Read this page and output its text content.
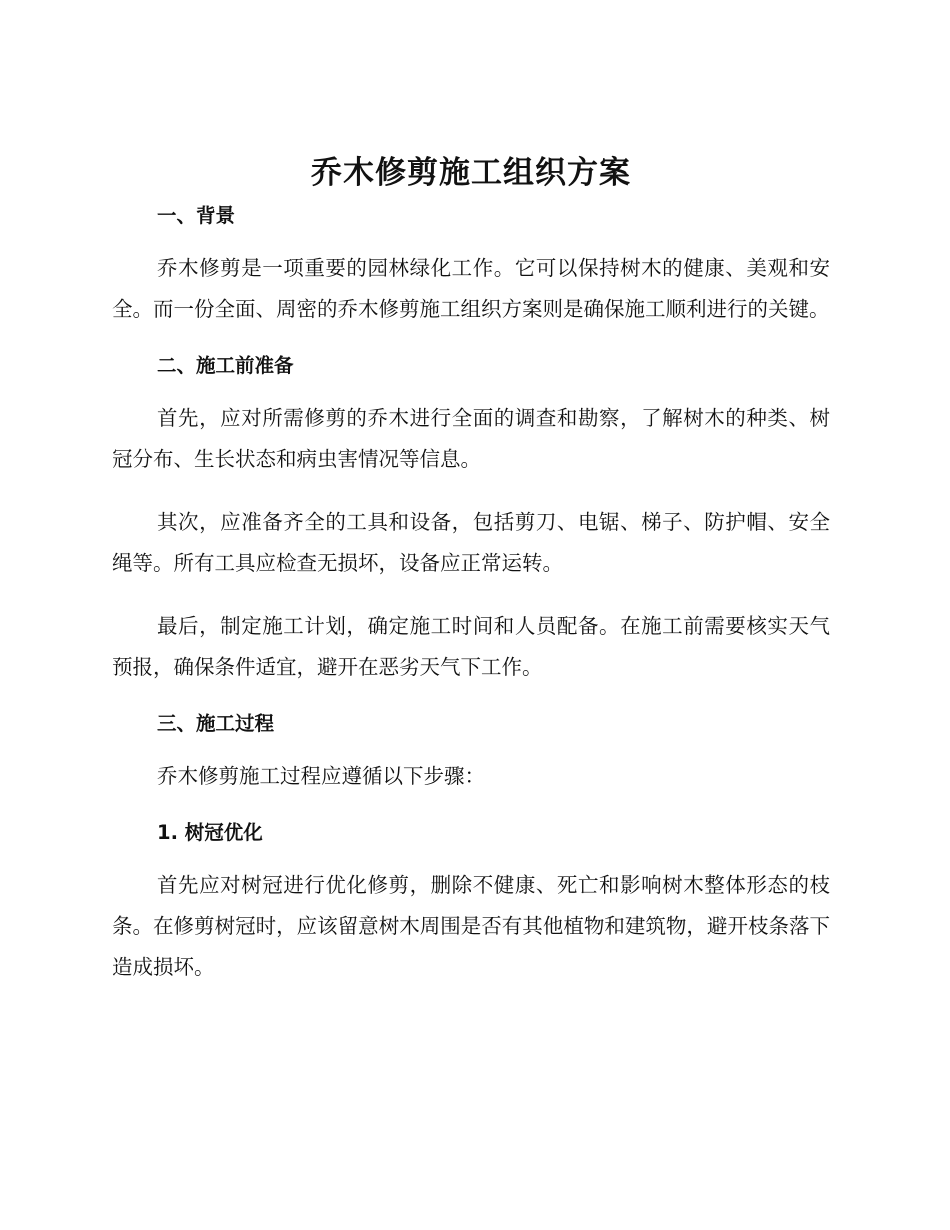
乔木修剪施工组织方案
一、背景

乔木修剪是一项重要的园林绿化工作。它可以保持树木的健康、美观和安全。而一份全面、周密的乔木修剪施工组织方案则是确保施工顺利进行的关键。

二、施工前准备

首先，应对所需修剪的乔木进行全面的调查和勘察，了解树木的种类、树冠分布、生长状态和病虫害情况等信息。

其次，应准备齐全的工具和设备，包括剪刀、电锯、梯子、防护帽、安全绳等。所有工具应检查无损坏，设备应正常运转。

最后，制定施工计划，确定施工时间和人员配备。在施工前需要核实天气预报，确保条件适宜，避开在恶劣天气下工作。

三、施工过程

乔木修剪施工过程应遵循以下步骤：

1. 树冠优化

首先应对树冠进行优化修剪，删除不健康、死亡和影响树木整体形态的枝条。在修剪树冠时，应该留意树木周围是否有其他植物和建筑物，避开枝条落下造成损坏。
